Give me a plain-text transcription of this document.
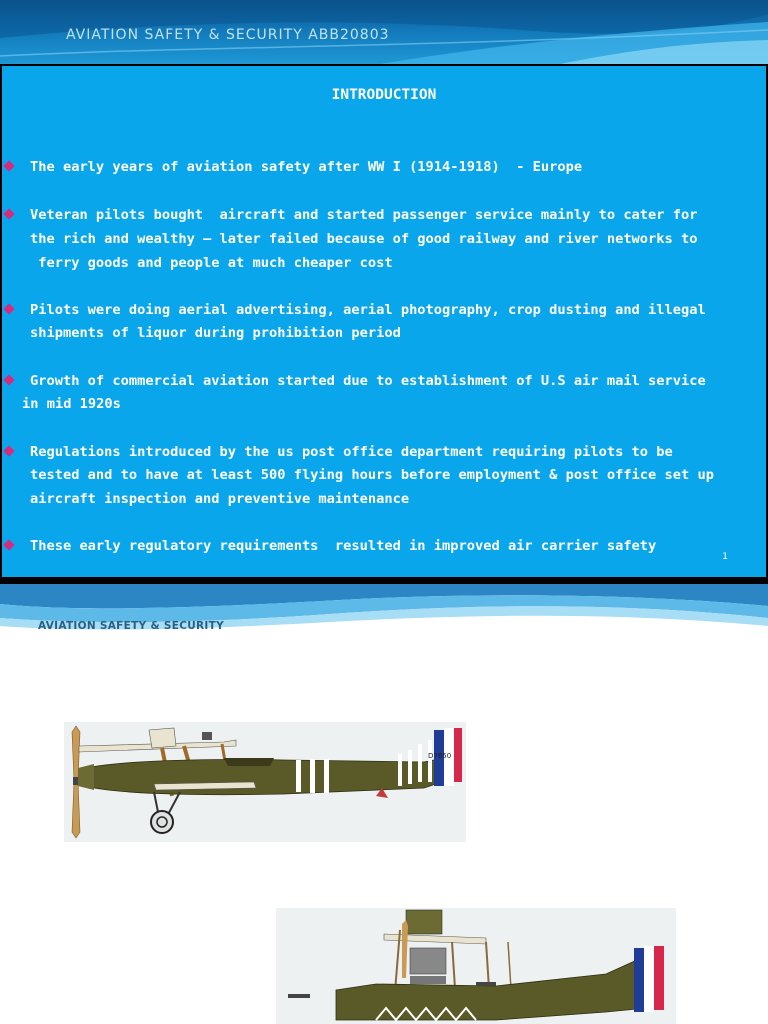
AVIATION SAFETY & SECURITY ABB20803
INTRODUCTION
The early years of aviation safety after WW I (1914-1918)  - Europe
Veteran pilots bought  aircraft and started passenger service mainly to cater for
the rich and wealthy – later failed because of good railway and river networks to
ferry goods and people at much cheaper cost
Pilots were doing aerial advertising, aerial photography, crop dusting and illegal
shipments of liquor during prohibition period
Growth of commercial aviation started due to establishment of U.S air mail service
in mid 1920s
Regulations introduced by the us post office department requiring pilots to be
tested and to have at least 500 flying hours before employment & post office set up
aircraft inspection and preventive maintenance
These early regulatory requirements  resulted in improved air carrier safety
1
AVIATION SAFETY & SECURITY
D7650
